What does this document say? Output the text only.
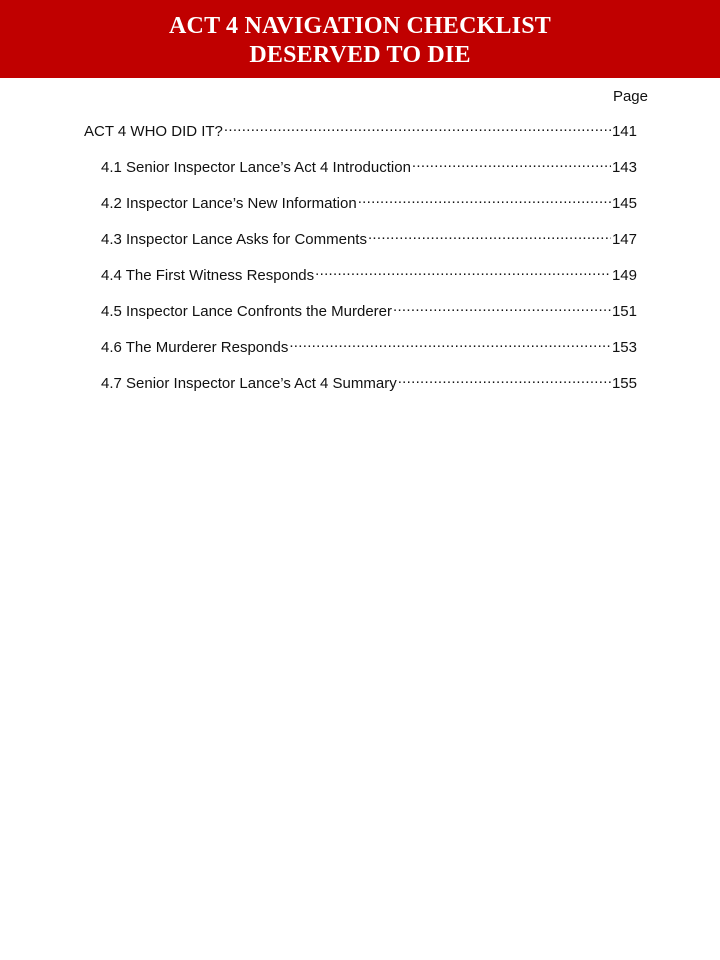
ACT 4 NAVIGATION CHECKLIST
DESERVED TO DIE
Page
ACT 4 WHO DID IT? .....	141
4.1 Senior Inspector Lance’s Act 4 Introduction .....	143
4.2 Inspector Lance’s New Information .....	145
4.3 Inspector Lance Asks for Comments .....	147
4.4 The First Witness Responds .....	149
4.5 Inspector Lance Confronts the Murderer .....	151
4.6 The Murderer Responds .....	153
4.7 Senior Inspector Lance’s Act 4 Summary .....	155
